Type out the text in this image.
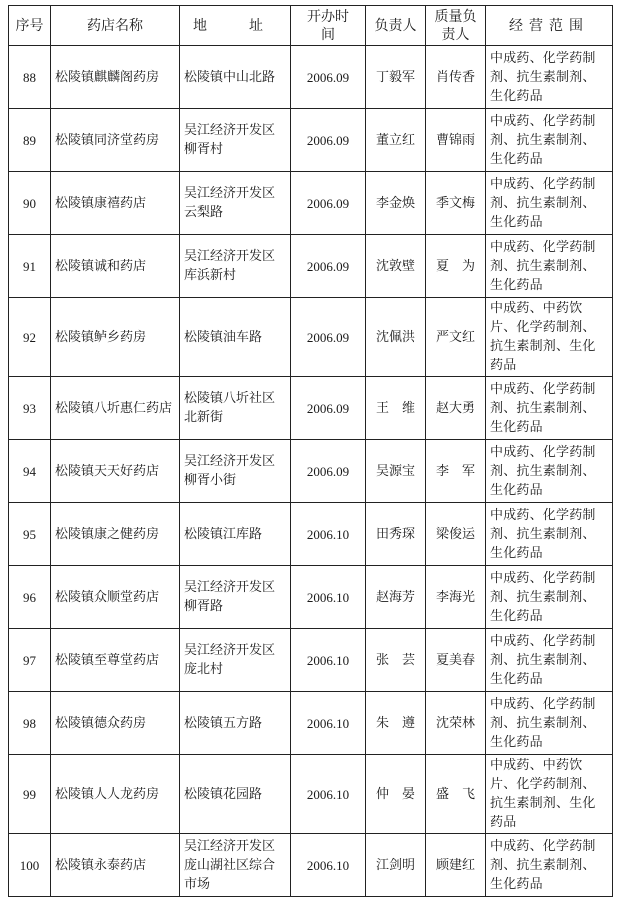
序号	药店名称	地　址	开办时间	负责人	质量负责人	经营范围
88	松陵镇麒麟阁药房	松陵镇中山北路	2006.09	丁毅军	肖传香	中成药、化学药制剂、抗生素制剂、生化药品
89	松陵镇同济堂药房	吴江经济开发区柳胥村	2006.09	董立红	曹锦雨	中成药、化学药制剂、抗生素制剂、生化药品
90	松陵镇康禧药店	吴江经济开发区云梨路	2006.09	李金焕	季文梅	中成药、化学药制剂、抗生素制剂、生化药品
91	松陵镇诚和药店	吴江经济开发区库浜新村	2006.09	沈敦壁	夏　为	中成药、化学药制剂、抗生素制剂、生化药品
92	松陵镇鲈乡药房	松陵镇油车路	2006.09	沈佩洪	严文红	中成药、中药饮片、化学药制剂、抗生素制剂、生化药品
93	松陵镇八圻惠仁药店	松陵镇八圻社区北新街	2006.09	王　维	赵大勇	中成药、化学药制剂、抗生素制剂、生化药品
94	松陵镇天天好药店	吴江经济开发区柳胥小街	2006.09	吴源宝	李　军	中成药、化学药制剂、抗生素制剂、生化药品
95	松陵镇康之健药房	松陵镇江库路	2006.10	田秀琛	梁俊运	中成药、化学药制剂、抗生素制剂、生化药品
96	松陵镇众顺堂药店	吴江经济开发区柳胥路	2006.10	赵海芳	李海光	中成药、化学药制剂、抗生素制剂、生化药品
97	松陵镇至尊堂药店	吴江经济开发区庞北村	2006.10	张　芸	夏美春	中成药、化学药制剂、抗生素制剂、生化药品
98	松陵镇德众药房	松陵镇五方路	2006.10	朱　遵	沈荣林	中成药、化学药制剂、抗生素制剂、生化药品
99	松陵镇人人龙药房	松陵镇花园路	2006.10	仲　晏	盛　飞	中成药、中药饮片、化学药制剂、抗生素制剂、生化药品
100	松陵镇永泰药店	吴江经济开发区庞山湖社区综合市场	2006.10	江剑明	顾建红	中成药、化学药制剂、抗生素制剂、生化药品
